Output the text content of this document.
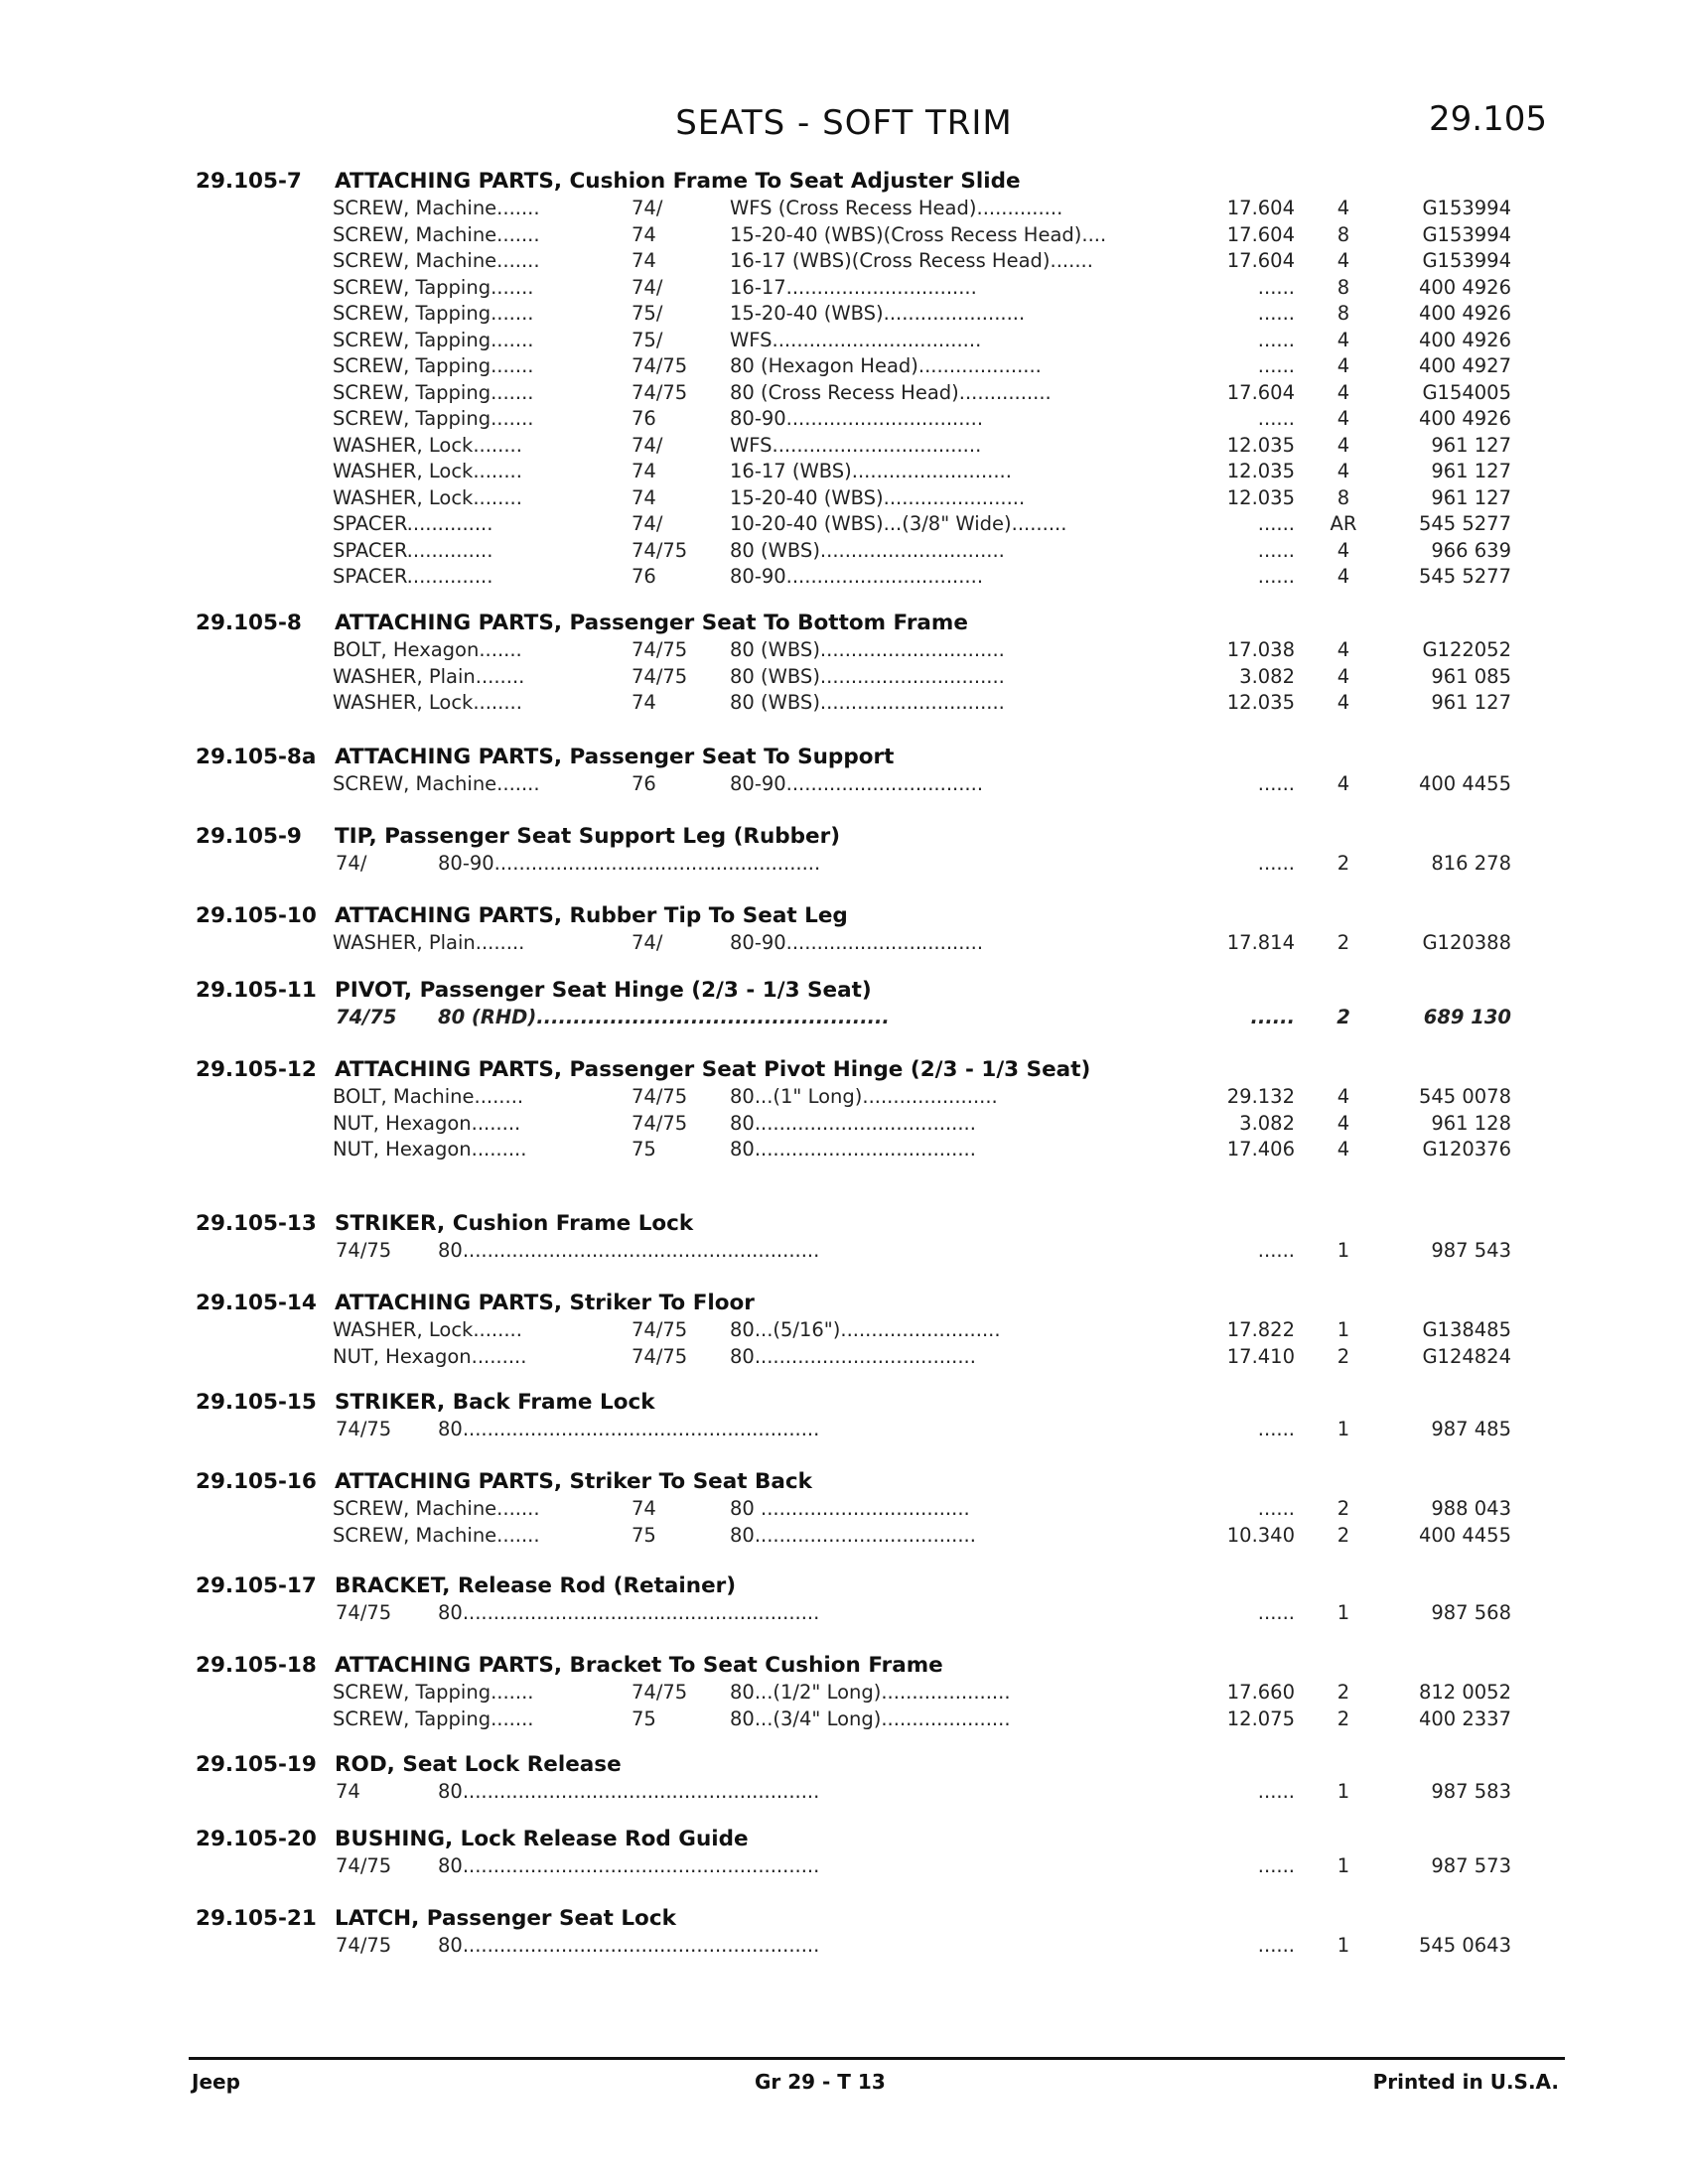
SEATS - SOFT TRIM	29.105
29.105-7 ATTACHING PARTS, Cushion Frame To Seat Adjuster Slide
SCREW, Machine.......	74/	WFS (Cross Recess Head)..............	17.604	4	G153994
SCREW, Machine.......	74	15-20-40 (WBS)(Cross Recess Head)....	17.604	8	G153994
SCREW, Machine.......	74	16-17 (WBS)(Cross Recess Head).......	17.604	4	G153994
SCREW, Tapping.......	74/	16-17...............................	......	8	400 4926
SCREW, Tapping.......	75/	15-20-40 (WBS).......................	......	8	400 4926
SCREW, Tapping.......	75/	WFS..................................	......	4	400 4926
SCREW, Tapping.......	74/75 80 (Hexagon Head)....................	......	4	400 4927
SCREW, Tapping.......	74/75 80 (Cross Recess Head)...............	17.604	4	G154005
SCREW, Tapping.......	76	80-90................................	......	4	400 4926
WASHER, Lock........	74/	WFS..................................	12.035	4	961 127
WASHER, Lock........	74	16-17 (WBS)..........................	12.035	4	961 127
WASHER, Lock........	74	15-20-40 (WBS).......................	12.035	8	961 127
SPACER..............	74/	10-20-40 (WBS)...(3/8" Wide).........	......	AR	545 5277
SPACER..............	74/75 80 (WBS)..............................	......	4	966 639
SPACER..............	76	80-90................................	......	4	545 5277
29.105-8 ATTACHING PARTS, Passenger Seat To Bottom Frame
BOLT, Hexagon.......	74/75 80 (WBS)..............................	17.038	4	G122052
WASHER, Plain........	74/75 80 (WBS)..............................	3.082	4	961 085
WASHER, Lock........	74	80 (WBS)..............................	12.035	4	961 127
29.105-8a ATTACHING PARTS, Passenger Seat To Support
SCREW, Machine.......	76	80-90................................	......	4	400 4455
29.105-9 TIP, Passenger Seat Support Leg (Rubber)
74/	80-90.....................................................	......	2	816 278
29.105-10 ATTACHING PARTS, Rubber Tip To Seat Leg
WASHER, Plain........	74/	80-90................................	17.814	2	G120388
29.105-11 PIVOT, Passenger Seat Hinge (2/3 - 1/3 Seat)
74/75 80 (RHD)................................................	......	2	689 130
29.105-12 ATTACHING PARTS, Passenger Seat Pivot Hinge (2/3 - 1/3 Seat)
BOLT, Machine........	74/75 80...(1" Long)......................	29.132	4	545 0078
NUT, Hexagon........	74/75 80....................................	3.082	4	961 128
NUT, Hexagon.........	75	80....................................	17.406	4	G120376
29.105-13 STRIKER, Cushion Frame Lock
74/75 80..........................................................	......	1	987 543
29.105-14 ATTACHING PARTS, Striker To Floor
WASHER, Lock........	74/75 80...(5/16")..........................	17.822	1	G138485
NUT, Hexagon.........	74/75 80....................................	17.410	2	G124824
29.105-15 STRIKER, Back Frame Lock
74/75 80..........................................................	......	1	987 485
29.105-16 ATTACHING PARTS, Striker To Seat Back
SCREW, Machine.......	74	80 ..................................	......	2	988 043
SCREW, Machine.......	75	80....................................	10.340	2	400 4455
29.105-17 BRACKET, Release Rod (Retainer)
74/75 80..........................................................	......	1	987 568
29.105-18 ATTACHING PARTS, Bracket To Seat Cushion Frame
SCREW, Tapping.......	74/75 80...(1/2" Long).....................	17.660	2	812 0052
SCREW, Tapping.......	75	80...(3/4" Long).....................	12.075	2	400 2337
29.105-19 ROD, Seat Lock Release
74	80..........................................................	......	1	987 583
29.105-20 BUSHING, Lock Release Rod Guide
74/75 80..........................................................	......	1	987 573
29.105-21 LATCH, Passenger Seat Lock
74/75 80..........................................................	......	1	545 0643
Jeep	Gr 29 - T 13	Printed in U.S.A.
